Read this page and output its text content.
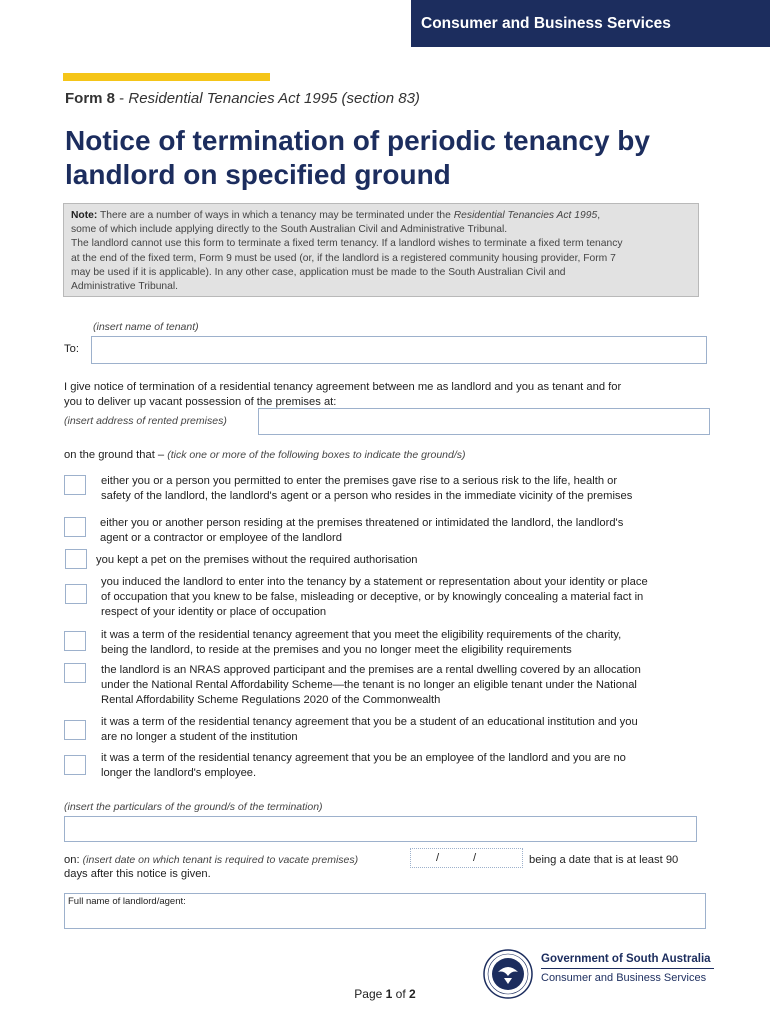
Consumer and Business Services
Form 8 - Residential Tenancies Act 1995 (section 83)
Notice of termination of periodic tenancy by
landlord on specified ground
Note: There are a number of ways in which a tenancy may be terminated under the Residential Tenancies Act 1995,
some of which include applying directly to the South Australian Civil and Administrative Tribunal.
The landlord cannot use this form to terminate a fixed term tenancy. If a landlord wishes to terminate a fixed term tenancy
at the end of the fixed term, Form 9 must be used (or, if the landlord is a registered community housing provider, Form 7
may be used if it is applicable). In any other case, application must be made to the South Australian Civil and
Administrative Tribunal.
(insert name of tenant)
To:
I give notice of termination of a residential tenancy agreement between me as landlord and you as tenant and for
you to deliver up vacant possession of the premises at:
(insert address of rented premises)
on the ground that – (tick one or more of the following boxes to indicate the ground/s)
either you or a person you permitted to enter the premises gave rise to a serious risk to the life, health or
safety of the landlord, the landlord's agent or a person who resides in the immediate vicinity of the premises
either you or another person residing at the premises threatened or intimidated the landlord, the landlord's
agent or a contractor or employee of the landlord
you kept a pet on the premises without the required authorisation
you induced the landlord to enter into the tenancy by a statement or representation about your identity or place
of occupation that you knew to be false, misleading or deceptive, or by knowingly concealing a material fact in
respect of your identity or place of occupation
it was a term of the residential tenancy agreement that you meet the eligibility requirements of the charity,
being the landlord, to reside at the premises and you no longer meet the eligibility requirements
the landlord is an NRAS approved participant and the premises are a rental dwelling covered by an allocation
under the National Rental Affordability Scheme—the tenant is no longer an eligible tenant under the National
Rental Affordability Scheme Regulations 2020 of the Commonwealth
it was a term of the residential tenancy agreement that you be a student of an educational institution and you
are no longer a student of the institution
it was a term of the residential tenancy agreement that you be an employee of the landlord and you are no
longer the landlord's employee.
(insert the particulars of the ground/s of the termination)
on: (insert date on which tenant is required to vacate premises)	/	/	being a date that is at least 90
days after this notice is given.
Full name of landlord/agent:
Government of South Australia
Consumer and Business Services
Page 1 of 2
